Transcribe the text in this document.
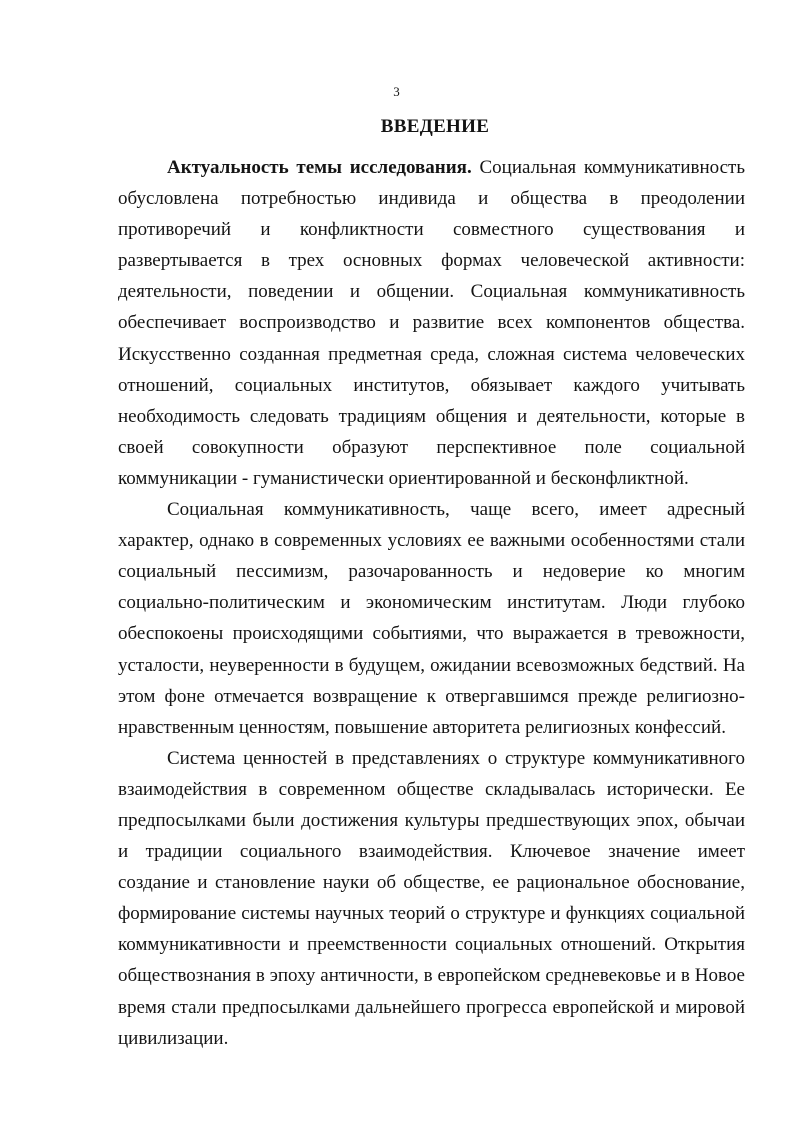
3
ВВЕДЕНИЕ

Актуальность темы исследования. Социальная коммуникативность обусловлена потребностью индивида и общества в преодолении противоречий и конфликтности совместного существования и развертывается в трех основных формах человеческой активности: деятельности, поведении и общении. Социальная коммуникативность обеспечивает воспроизводство и развитие всех компонентов общества. Искусственно созданная предметная среда, сложная система человеческих отношений, социальных институтов, обязывает каждого учитывать необходимость следовать традициям общения и деятельности, которые в своей совокупности образуют перспективное поле социальной коммуникации - гуманистически ориентированной и бесконфликтной.

Социальная коммуникативность, чаще всего, имеет адресный характер, однако в современных условиях ее важными особенностями стали социальный пессимизм, разочарованность и недоверие ко многим социально-политическим и экономическим институтам. Люди глубоко обеспокоены происходящими событиями, что выражается в тревожности, усталости, неуверенности в будущем, ожидании всевозможных бедствий. На этом фоне отмечается возвращение к отвергавшимся прежде религиозно-нравственным ценностям, повышение авторитета религиозных конфессий.

Система ценностей в представлениях о структуре коммуникативного взаимодействия в современном обществе складывалась исторически. Ее предпосылками были достижения культуры предшествующих эпох, обычаи и традиции социального взаимодействия. Ключевое значение имеет создание и становление науки об обществе, ее рациональное обоснование, формирование системы научных теорий о структуре и функциях социальной коммуникативности и преемственности социальных отношений. Открытия обществознания в эпоху античности, в европейском средневековье и в Новое время стали предпосылками дальнейшего прогресса европейской и мировой цивилизации.
